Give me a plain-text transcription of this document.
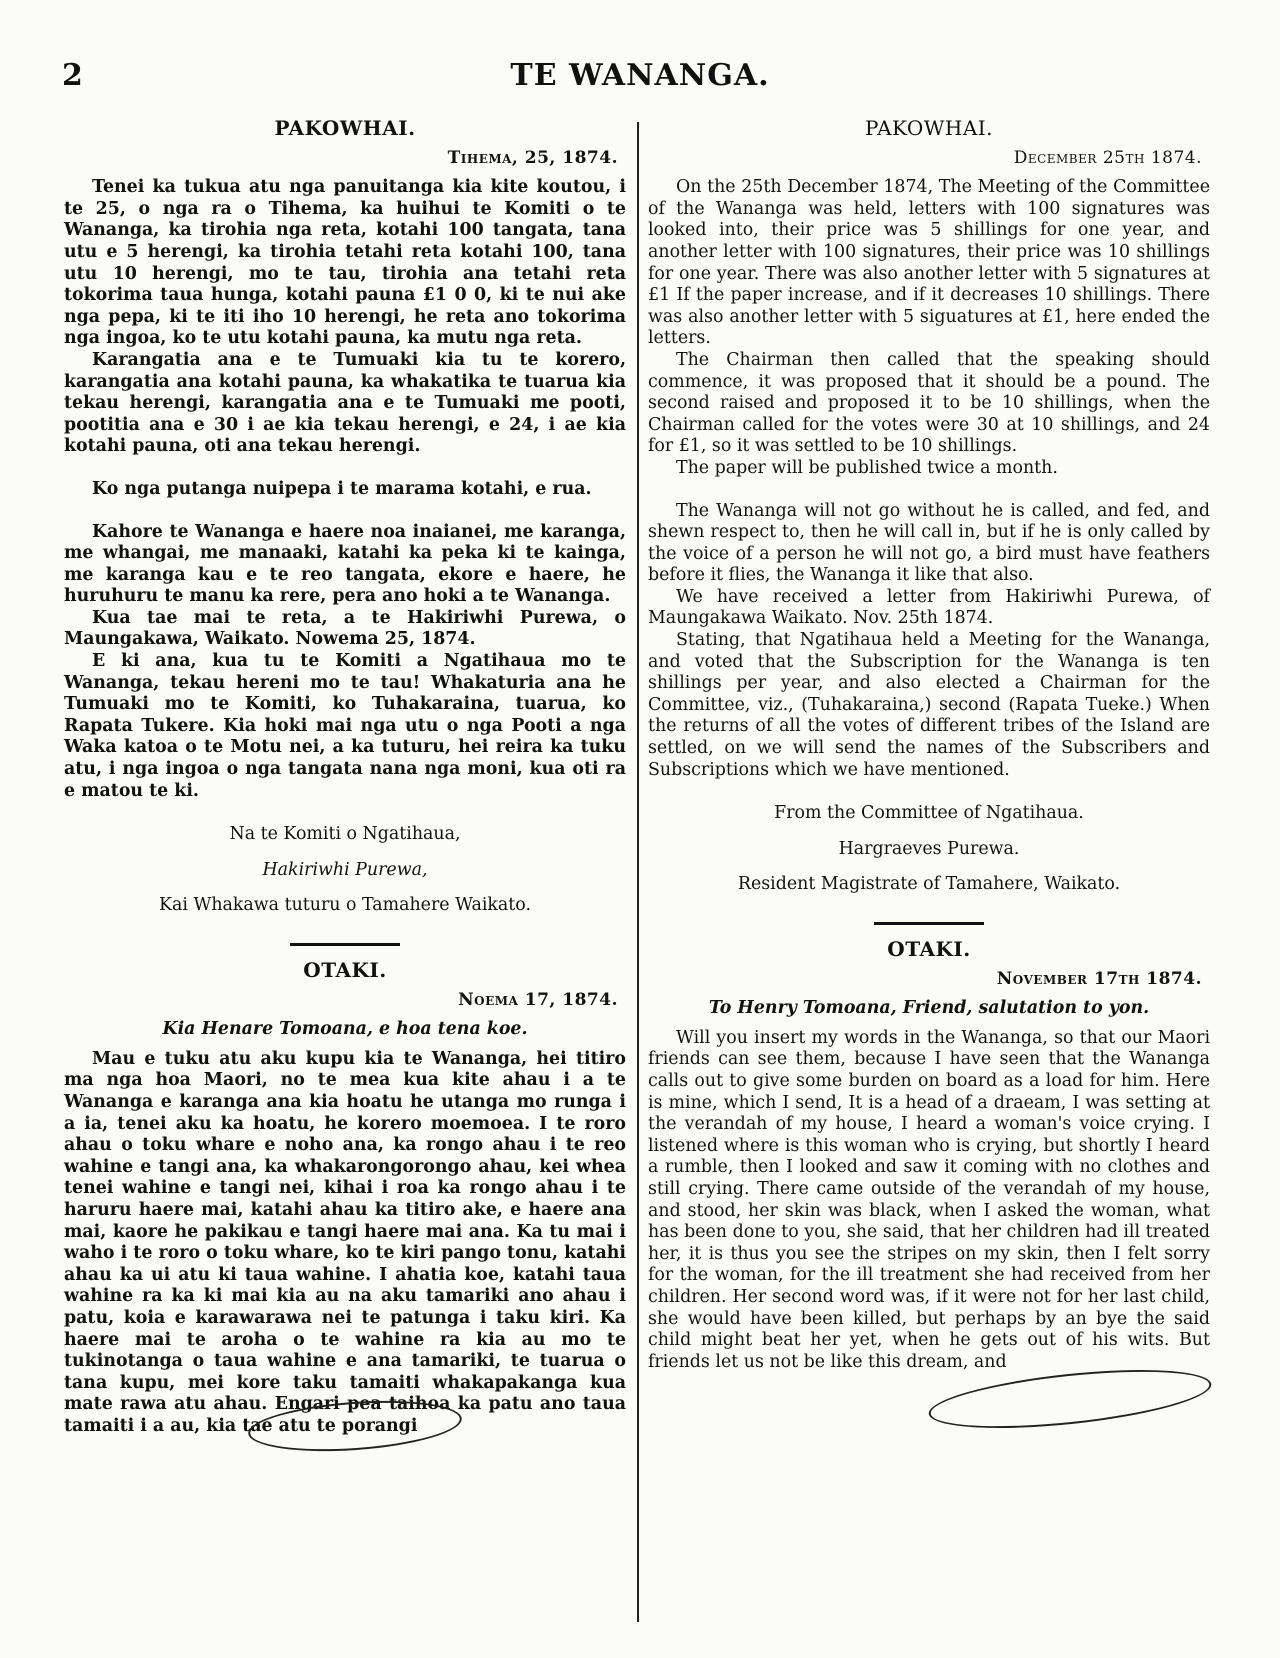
2	TE WANANGA.
PAKOWHAI.
Tihema, 25, 1874.

Tenei ka tukua atu nga panuitanga kia kite koutou, i te 25, o nga ra o Tihema, ka huihui te Komiti o te Wananga, ka tirohia nga reta, kotahi 100 tangata, tana utu e 5 herengi, ka tirohia tetahi reta kotahi 100, tana utu 10 herengi, mo te tau, tirohia ana tetahi reta tokorima taua hunga, kotahi pauna £1 0 0, ki te nui ake nga pepa, ki te iti iho 10 herengi, he reta ano tokorima nga ingoa, ko te utu kotahi pauna, ka mutu nga reta.

Karangatia ana e te Tumuaki kia tu te korero, karangatia ana kotahi pauna, ka whakatika te tuarua kia tekau herengi, karangatia ana e te Tumuaki me pooti, pootitia ana e 30 i ae kia tekau herengi, e 24, i ae kia kotahi pauna, oti ana tekau herengi.

Ko nga putanga nuipepa i te marama kotahi, e rua.

Kahore te Wananga e haere noa inaianei, me karanga, me whangai, me manaaki, katahi ka peka ki te kainga, me karanga kau e te reo tangata, ekore e haere, he huruhuru te manu ka rere, pera ano hoki a te Wananga.

Kua tae mai te reta, a te Hakiriwhi Purewa, o Maungakawa, Waikato. Nowema 25, 1874.

E ki ana, kua tu te Komiti a Ngatihaua mo te Wananga, tekau hereni mo te tau! Whakaturia ana he Tumuaki mo te Komiti, ko Tuhakaraina, tuarua, ko Rapata Tukere. Kia hoki mai nga utu o nga Pooti a nga Waka katoa o te Motu nei, a ka tuturu, hei reira ka tuku atu, i nga ingoa o nga tangata nana nga moni, kua oti ra e matou te ki.

Na te Komiti o Ngatihaua,
Hakiriwhi Purewa,
Kai Whakawa tuturu o Tamahere Waikato.
OTAKI.
Noema 17, 1874.
Kia Henare Tomoana, e hoa tena koe.

Mau e tuku atu aku kupu kia te Wananga, hei titiro ma nga hoa Maori, no te mea kua kite ahau i a te Wananga e karanga ana kia hoatu he utanga mo runga i a ia, tenei aku ka hoatu, he korero moemoea. I te roro ahau o toku whare e noho ana, ka rongo ahau i te reo wahine e tangi ana, ka whakarongorongo ahau, kei whea tenei wahine e tangi nei, kihai i roa ka rongo ahau i te haruru haere mai, katahi ahau ka titiro ake, e haere ana mai, kaore he pakikau e tangi haere mai ana. Ka tu mai i waho i te roro o toku whare, ko te kiri pango tonu, katahi ahau ka ui atu ki taua wahine. I ahatia koe, katahi taua wahine ra ka ki mai kia au na aku tamariki ano ahau i patu, koia e karawarawa nei te patunga i taku kiri. Ka haere mai te aroha o te wahine ra kia au mo te tukinotanga o taua wahine e ana tamariki, te tuarua o tana kupu, mei kore taku tamaiti whakapakanga kua mate rawa atu ahau. Engari pea taihoa ka patu ano taua tamaiti i a au, kia tae atu te porangi

PAKOWHAI.
December 25th 1874.

On the 25th December 1874, The Meeting of the Committee of the Wananga was held, letters with 100 signatures was looked into, their price was 5 shillings for one year, and another letter with 100 signatures, their price was 10 shillings for one year. There was also another letter with 5 signatures at £1 If the paper increase, and if it decreases 10 shillings. There was also another letter with 5 siguatures at £1, here ended the letters.

The Chairman then called that the speaking should commence, it was proposed that it should be a pound. The second raised and proposed it to be 10 shillings, when the Chairman called for the votes were 30 at 10 shillings, and 24 for £1, so it was settled to be 10 shillings.

The paper will be published twice a month.

The Wananga will not go without he is called, and fed, and shewn respect to, then he will call in, but if he is only called by the voice of a person he will not go, a bird must have feathers before it flies, the Wananga it like that also.

We have received a letter from Hakiriwhi Purewa, of Maungakawa Waikato. Nov. 25th 1874.

Stating, that Ngatihaua held a Meeting for the Wananga, and voted that the Subscription for the Wananga is ten shillings per year, and also elected a Chairman for the Committee, viz., (Tuhakaraina,) second (Rapata Tueke.) When the returns of all the votes of different tribes of the Island are settled, on we will send the names of the Subscribers and Subscriptions which we have mentioned.

From the Committee of Ngatihaua.
Hargraeves Purewa.
Resident Magistrate of Tamahere, Waikato.
OTAKI.
November 17th 1874.
To Henry Tomoana, Friend, salutation to yon.

Will you insert my words in the Wananga, so that our Maori friends can see them, because I have seen that the Wananga calls out to give some burden on board as a load for him. Here is mine, which I send, It is a head of a draeam, I was setting at the verandah of my house, I heard a woman's voice crying. I listened where is this woman who is crying, but shortly I heard a rumble, then I looked and saw it coming with no clothes and still crying. There came outside of the verandah of my house, and stood, her skin was black, when I asked the woman, what has been done to you, she said, that her children had ill treated her, it is thus you see the stripes on my skin, then I felt sorry for the woman, for the ill treatment she had received from her children. Her second word was, if it were not for her last child, she would have been killed, but perhaps by an bye the said child might beat her yet, when he gets out of his wits. But friends let us not be like this dream, and
